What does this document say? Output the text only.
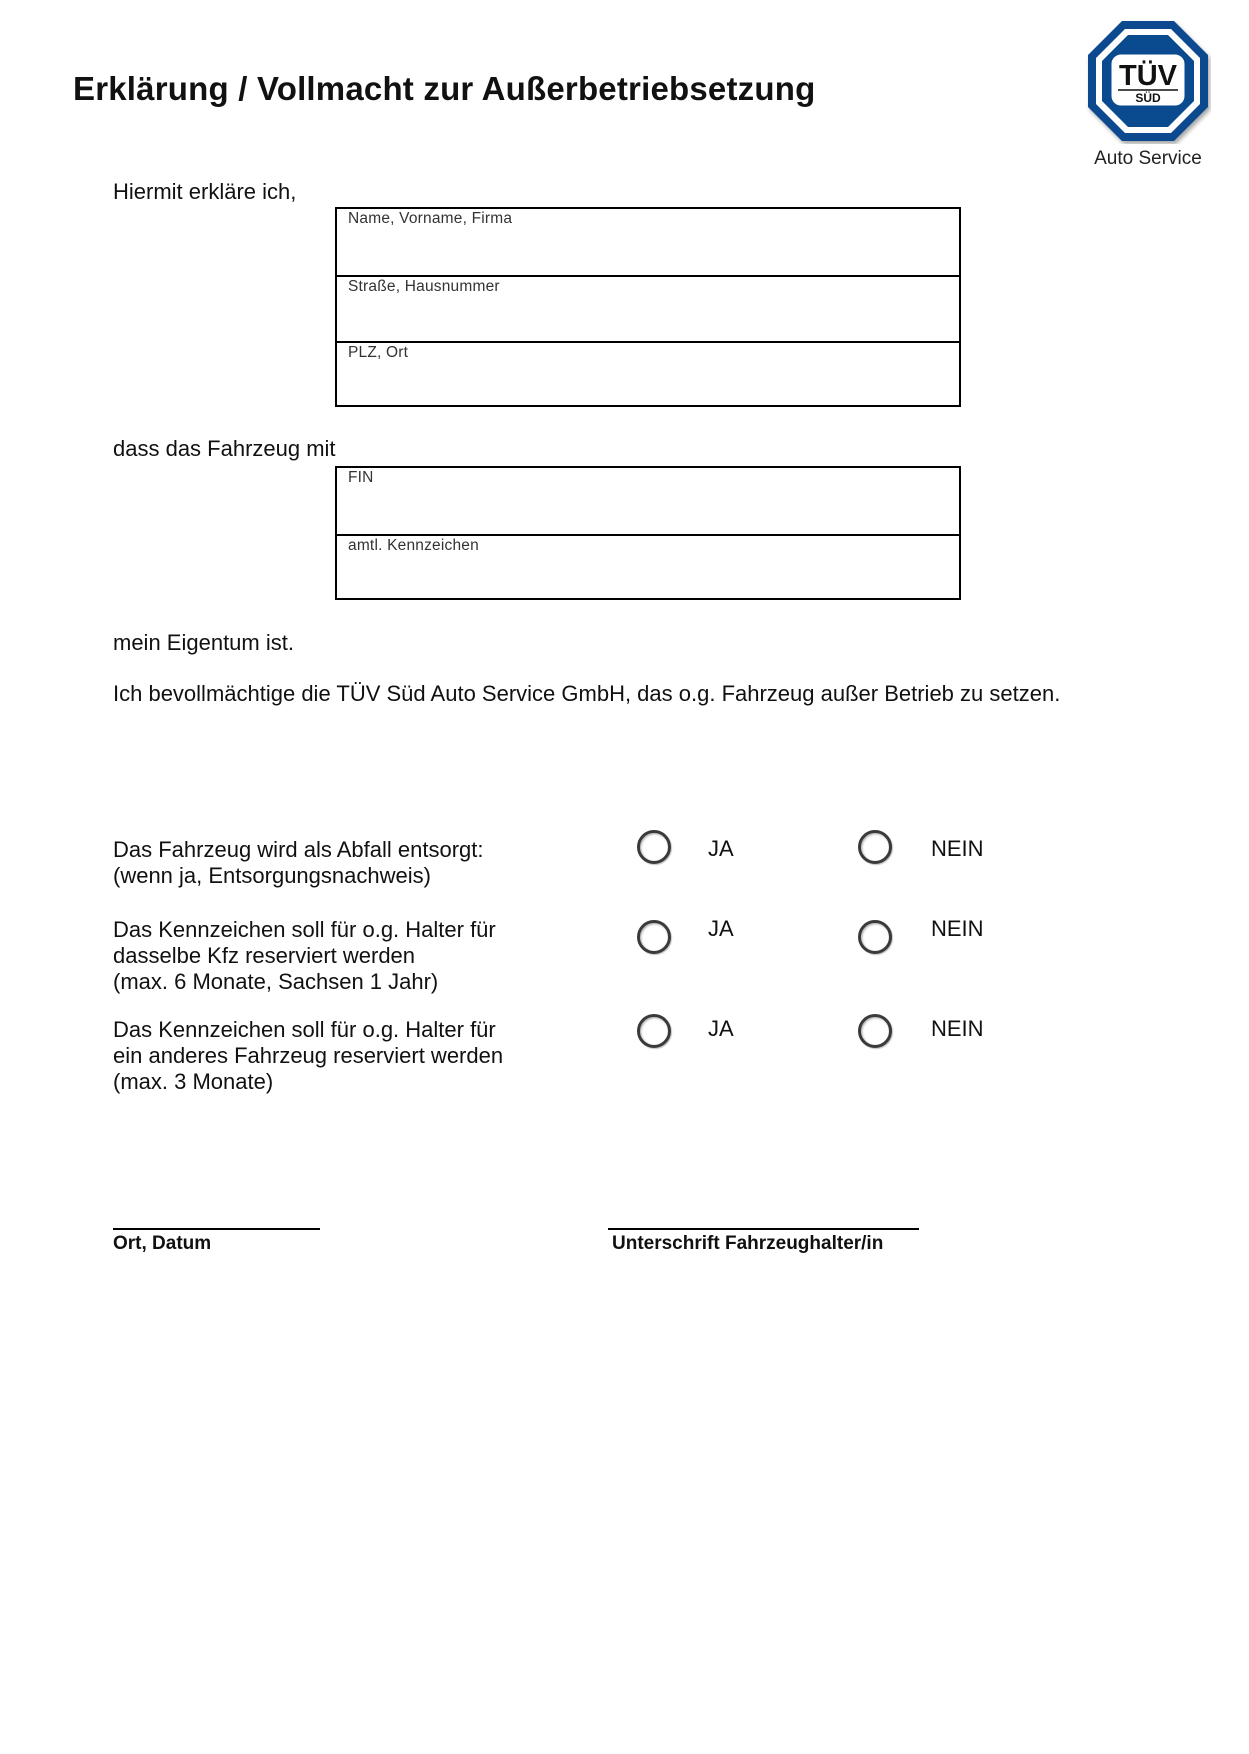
Erklärung / Vollmacht zur Außerbetriebsetzung	TÜV
SÜD
Auto Service
Hiermit erkläre ich,
Name, Vorname, Firma
Straße, Hausnummer
PLZ, Ort
dass das Fahrzeug mit
FIN
amtl. Kennzeichen
mein Eigentum ist.
Ich bevollmächtige die TÜV Süd Auto Service GmbH, das o.g. Fahrzeug außer Betrieb zu setzen.
Das Fahrzeug wird als Abfall entsorgt:
(wenn ja, Entsorgungsnachweis)
JA	NEIN
Das Kennzeichen soll für o.g. Halter für
dasselbe Kfz reserviert werden
(max. 6 Monate, Sachsen 1 Jahr)
JA	NEIN
Das Kennzeichen soll für o.g. Halter für
ein anderes Fahrzeug reserviert werden
(max. 3 Monate)
JA	NEIN
Ort, Datum	Unterschrift Fahrzeughalter/in
